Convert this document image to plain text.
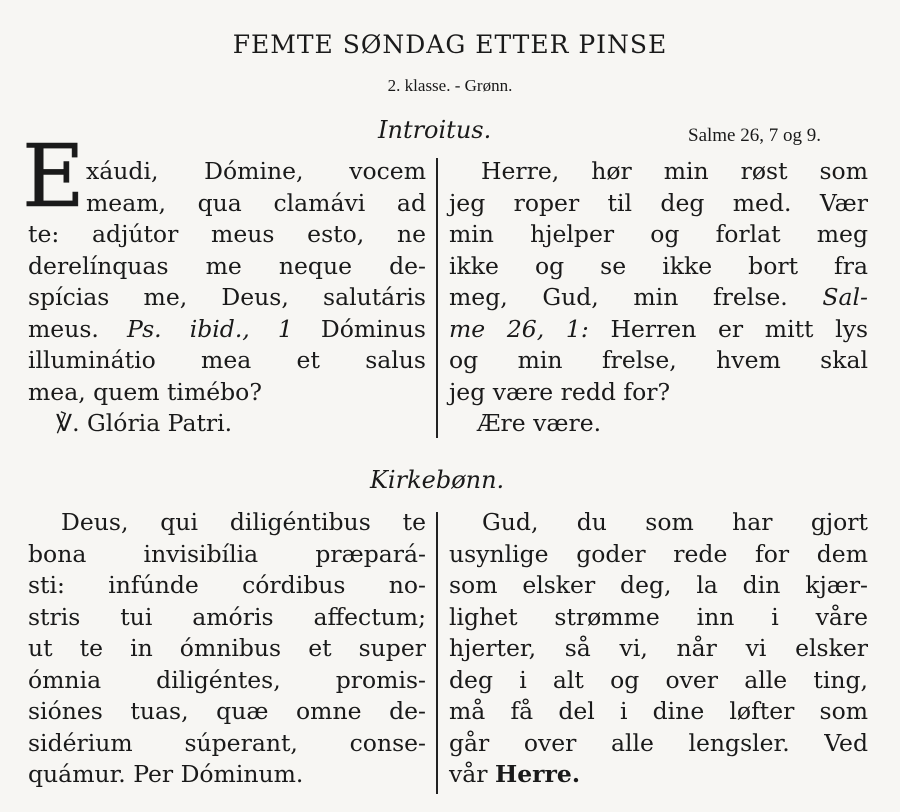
FEMTE SØNDAG ETTER PINSE
2. klasse. - Grønn.
Introitus.	Salme 26, 7 og 9.
E xáudi, Dómine, vocem
meam, qua clamávi ad
te: adjútor meus esto, ne
derelínquas me neque de-
spícias me, Deus, salutáris
meus. Ps. ibid., 1 Dóminus
illuminátio mea et salus
mea, quem timébo?
℣. Glória Patri.
Herre, hør min røst som
jeg roper til deg med. Vær
min hjelper og forlat meg
ikke og se ikke bort fra
meg, Gud, min frelse. Sal-
me 26, 1: Herren er mitt lys
og min frelse, hvem skal
jeg være redd for?
Ære være.
Kirkebønn.
Deus, qui diligéntibus te
bona invisibília præpará-
sti: infúnde córdibus no-
stris tui amóris affectum;
ut te in ómnibus et super
ómnia diligéntes, promis-
siónes tuas, quæ omne de-
sidérium súperant, conse-
quámur. Per Dóminum.
Gud, du som har gjort
usynlige goder rede for dem
som elsker deg, la din kjær-
lighet strømme inn i våre
hjerter, så vi, når vi elsker
deg i alt og over alle ting,
må få del i dine løfter som
går over alle lengsler. Ved
vår Herre.
